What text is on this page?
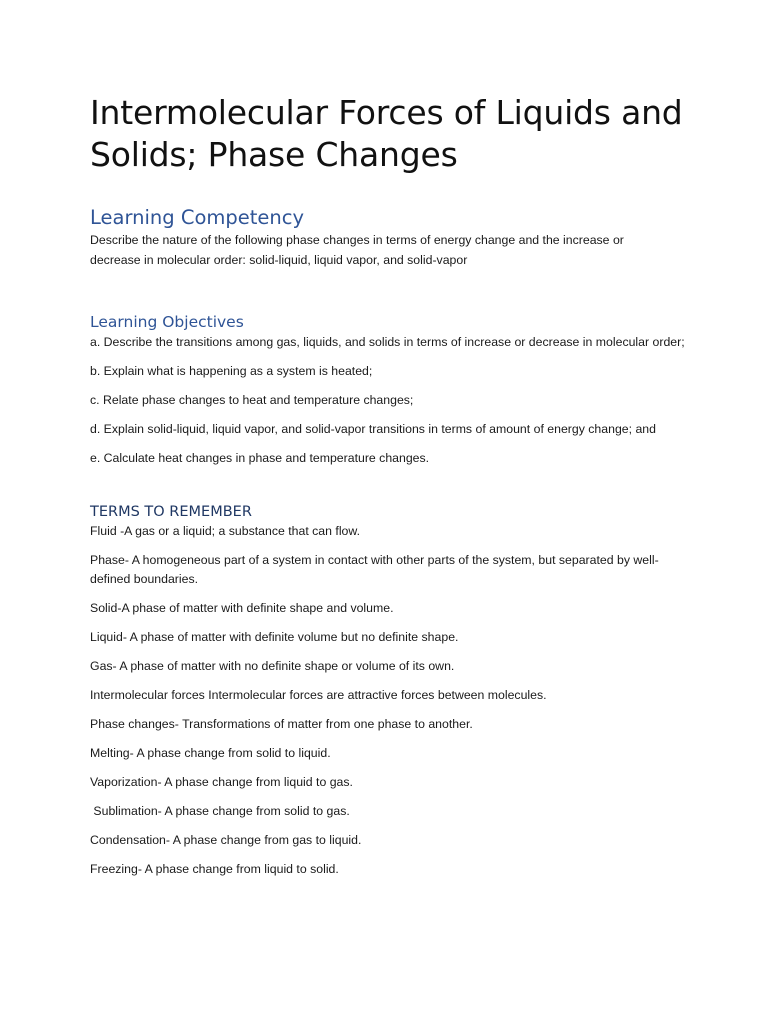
Intermolecular Forces of Liquids and Solids; Phase Changes
Learning Competency

Describe the nature of the following phase changes in terms of energy change and the increase or decrease in molecular order: solid-liquid, liquid vapor, and solid-vapor

Learning Objectives

a. Describe the transitions among gas, liquids, and solids in terms of increase or decrease in molecular order;

b. Explain what is happening as a system is heated;

c. Relate phase changes to heat and temperature changes;

d. Explain solid-liquid, liquid vapor, and solid-vapor transitions in terms of amount of energy change; and

e. Calculate heat changes in phase and temperature changes.

TERMS TO REMEMBER

Fluid -A gas or a liquid; a substance that can flow.

Phase- A homogeneous part of a system in contact with other parts of the system, but separated by well-defined boundaries.

Solid-A phase of matter with definite shape and volume.

Liquid- A phase of matter with definite volume but no definite shape.

Gas- A phase of matter with no definite shape or volume of its own.

Intermolecular forces Intermolecular forces are attractive forces between molecules.

Phase changes- Transformations of matter from one phase to another.

Melting- A phase change from solid to liquid.

Vaporization- A phase change from liquid to gas.

Sublimation- A phase change from solid to gas.

Condensation- A phase change from gas to liquid.

Freezing- A phase change from liquid to solid.
